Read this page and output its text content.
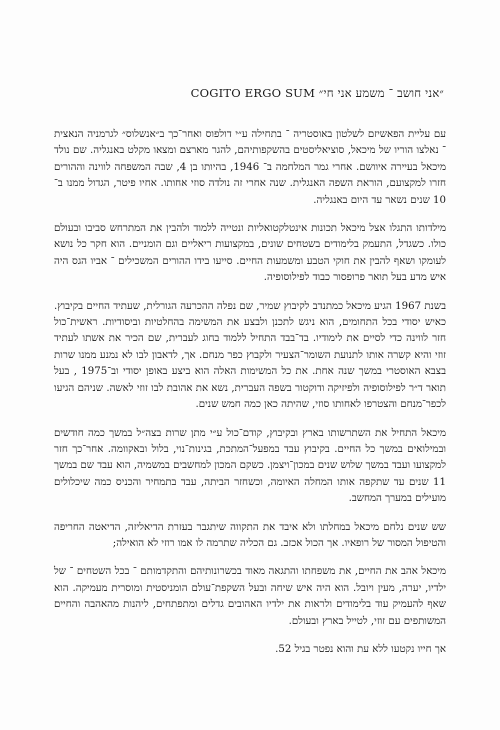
״אני חושב ־ משמע אני חי״ COGITO ERGO SUM

עם עליית הפאשיזם לשלטון באוסטריה ־ בתחילה ע״י דולפוס ואחר־כך ב״אנשלוס״ לגרמניה הנאצית ־ נאלצו הוריו של מיכאל, סוציאליסטים בהשקפותיהם, להגר מארצם ומצאו מקלט באנגליה. שם נולד מיכאל בעיירה איוושם. אחרי גמר המלחמה ב־ 1946, בהיותו בן 4, שבה המשפחה לווינה וההורים חזרו למקצועם, הוראת השפה האנגלית. שנה אחרי זה נולדה סוזי אחותו. אחיו פיטר, הגדול ממנו ב־ 10 שנים נשאר עד היום באנגליה.

מילדותו התגלו אצל מיכאל תכונות אינטלקטואליות ונטייה ללמוד ולהבין את המתרחש סביבו ובעולם כולו. כשגדל, התעמק בלימודים בשטחים שונים, במקצועות ריאליים וגם הומניים. הוא חקר כל נושא לעומקו ושאף להבין את חוקי הטבע ומשמעות החיים. סייעו בידו ההורים המשכילים ־ אביו הגס היה איש מדע בעל תואר פרופסור כבוד לפילוסופיה.

בשנת 1967 הגיע מיכאל כמתנדב לקיבוץ שמיר, שם נפלה ההכרעה הגורלית, שעתיד החיים בקיבוץ. כאיש יסודי בכל התחומים, הוא ניגש לתכנן ולבצע את המשימה בהחלטיות וביסודיות. ראשית־כול חזר לווינה כדי לסיים את לימודיו. בד־בבד התחיל ללמוד בחוג לעברית, שם הכיר את אשתו לעתיד זוזי והיא קשרה אותו לתנועת השומר־הצעיר ולקבוץ כפר מנחם. אך, לדאבון לבו לא נמנע ממנו שרות בצבא האוסטרי במשך שנה אחת. את כל המשימות האלה הוא ביצע באופן יסודי וב־1975 , בעל תואר ד״ר לפילוסופיה ולפיזיקה ודוקטור בשפה העברית, נשא את אהובת לבו זוזי לאשה. שניהם הגיעו לכפר־מנחם והצטרפו לאחותו סוזי, שהיתה כאן כמה חמש שנים.

מיכאל התחיל את השתרשותו בארץ ובקיבוץ, קודם־כול ע״י מתן שרות בצה״ל במשך כמה חודשים ובמילואים במשך כל החיים. בקיבוץ עבד במפעל־המתכת, בגינות־נוי, בלול ובאקוומה. אחר־כך חזר למקצועו ועבד במשך שלוש שנים במכון־ויצמן. כשקם המכון למחשבים במשמיה, הוא עבד שם במשך 11 שנים עד שתקפה אותו המחלה האיומה, וכשחזר הביתה, עבד בתמחיר והכניס כמה שיכלולים מועילים במערך המחשב.

שש שנים נלחם מיכאל במחלתו ולא איבד את התקווה שיתגבר בעזרת הדיאליזה, הדיאטה החריפה והטיפול המסור של רופאיו. אך הכול אכזב. גם הכליה שתרמה לו אמו רוזי לא הואילה;

מיכאל אהב את החיים, את משפחתו והתגאה מאוד בכשרונותיהם והתקדמותם ־ בכל השטחים ־ של ילדיו, יערה, מעין ויובל. הוא היה איש שיחה ובעל השקפת־עולם הומניסטית ומוסרית מעמיקה. הוא שאף להעמיק עוד בלימודים ולראות את ילדיו האהובים גדלים ומתפתחים, ליהנות מהאהבה והחיים המשותפים עם זוזי, לטייל בארץ ובעולם.

אך חייו נקטעו ללא עת והוא נפטר בגיל 52.
